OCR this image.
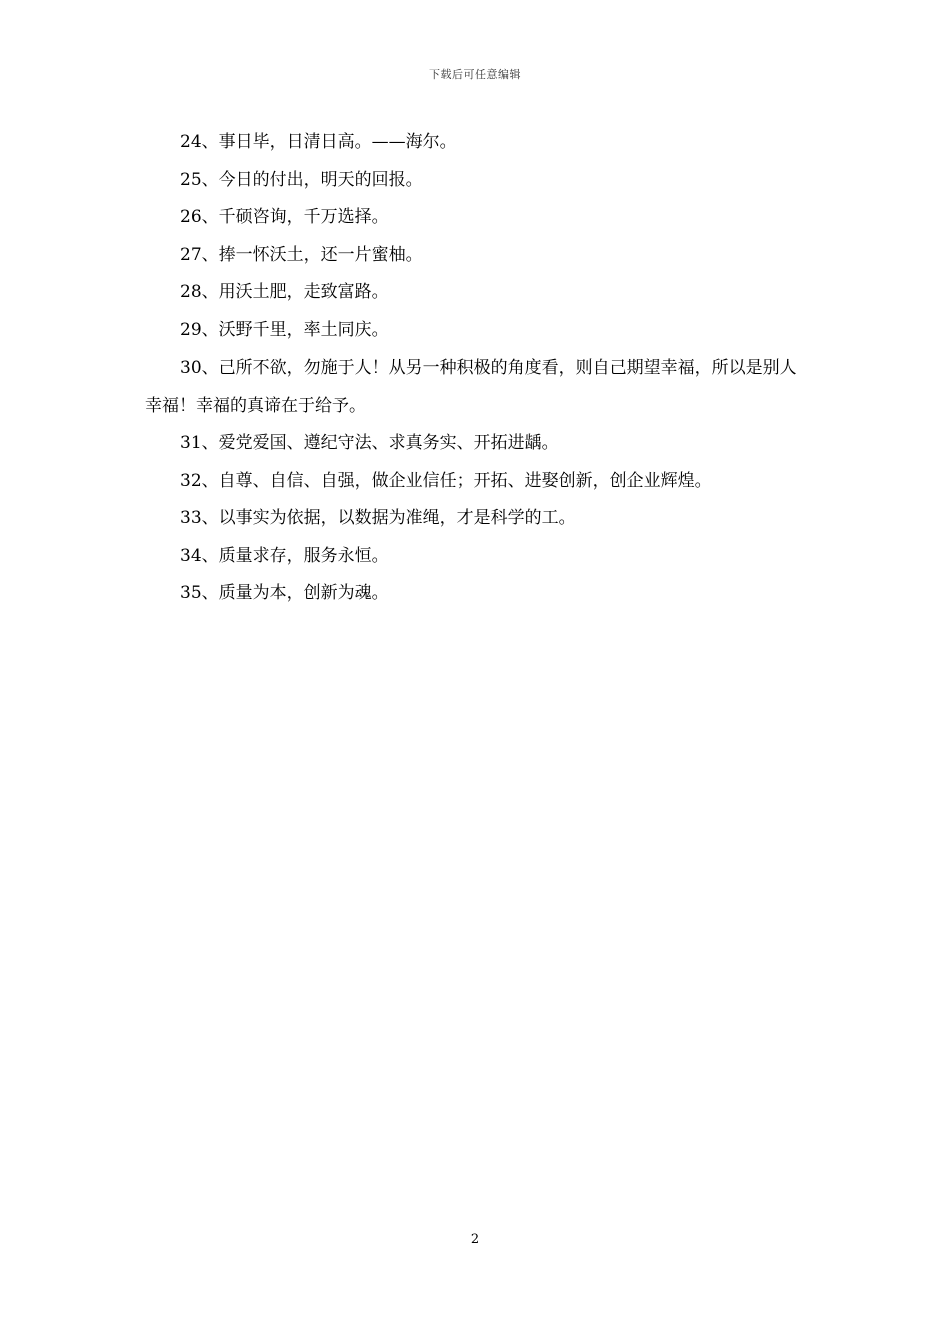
下载后可任意编辑

24、事日毕，日清日高。——海尔。

25、今日的付出，明天的回报。

26、千硕咨询，千万选择。

27、捧一怀沃土，还一片蜜柚。

28、用沃土肥，走致富路。

29、沃野千里，率土同庆。

30、己所不欲，勿施于人！从另一种积极的角度看，则自己期望幸福，所以是别人幸福！幸福的真谛在于给予。

31、爱党爱国、遵纪守法、求真务实、开拓进龋。

32、自尊、自信、自强，做企业信任；开拓、进娶创新，创企业辉煌。

33、以事实为依据，以数据为准绳，才是科学的工。

34、质量求存，服务永恒。

35、质量为本，创新为魂。

2
